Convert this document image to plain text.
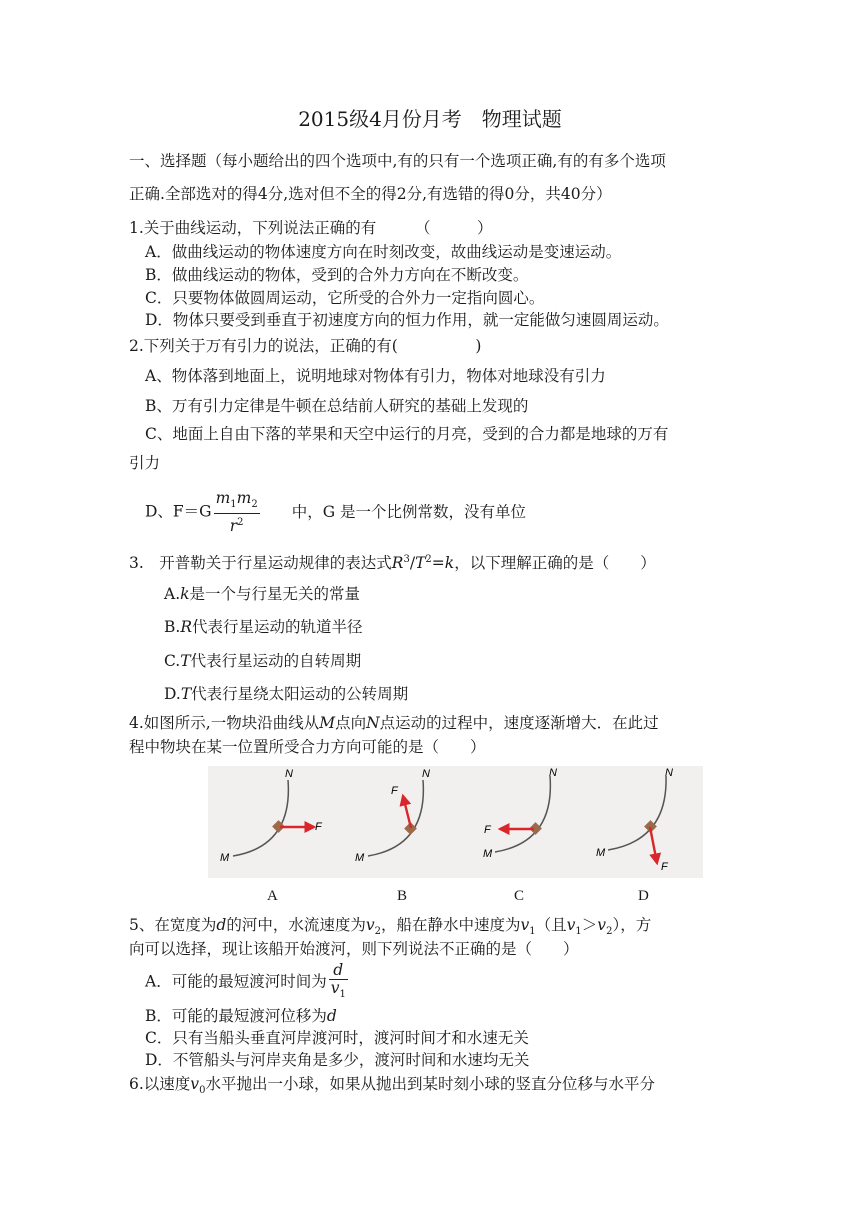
2015级4月份月考　物理试题
一、选择题（每小题给出的四个选项中,有的只有一个选项正确,有的有多个选项
正确.全部选对的得4分,选对但不全的得2分,有选错的得0分，共40分）
1.关于曲线运动，下列说法正确的有　　　（　　　）
A．做曲线运动的物体速度方向在时刻改变，故曲线运动是变速运动。
B．做曲线运动的物体，受到的合外力方向在不断改变。
C．只要物体做圆周运动，它所受的合外力一定指向圆心。
D．物体只要受到垂直于初速度方向的恒力作用，就一定能做匀速圆周运动。
2.下列关于万有引力的说法，正确的有(　　　　　)
A、物体落到地面上，说明地球对物体有引力，物体对地球没有引力
B、万有引力定律是牛顿在总结前人研究的基础上发现的
C、地面上自由下落的苹果和天空中运行的月亮，受到的合力都是地球的万有
引力
D、$F=G \frac{m_1m_2}{r^2}$ 中，G 是一个比例常数，没有单位
3.　开普勒关于行星运动规律的表达式$R^3/T^2=k$，以下理解正确的是（　　）
A.k是一个与行星无关的常量
B.R代表行星运动的轨道半径
C.T代表行星运动的自转周期
D.T代表行星绕太阳运动的公转周期
4.如图所示,一物块沿曲线从M点向N点运动的过程中，速度逐渐增大．在此过
程中物块在某一位置所受合力方向可能的是（　　）
N
M
F
N
M
F
N
M
F
N
M
F
A	B	C	D
5、在宽度为d的河中，水流速度为$v_2$，船在静水中速度为$v_1$（且$v_1>v_2$），方
向可以选择，现让该船开始渡河，则下列说法不正确的是（　　）
A．可能的最短渡河时间为 $\frac{d}{v_1}$
B．可能的最短渡河位移为d
C．只有当船头垂直河岸渡河时，渡河时间才和水速无关
D．不管船头与河岸夹角是多少，渡河时间和水速均无关
6.以速度$v_0$水平抛出一小球，如果从抛出到某时刻小球的竖直分位移与水平分
